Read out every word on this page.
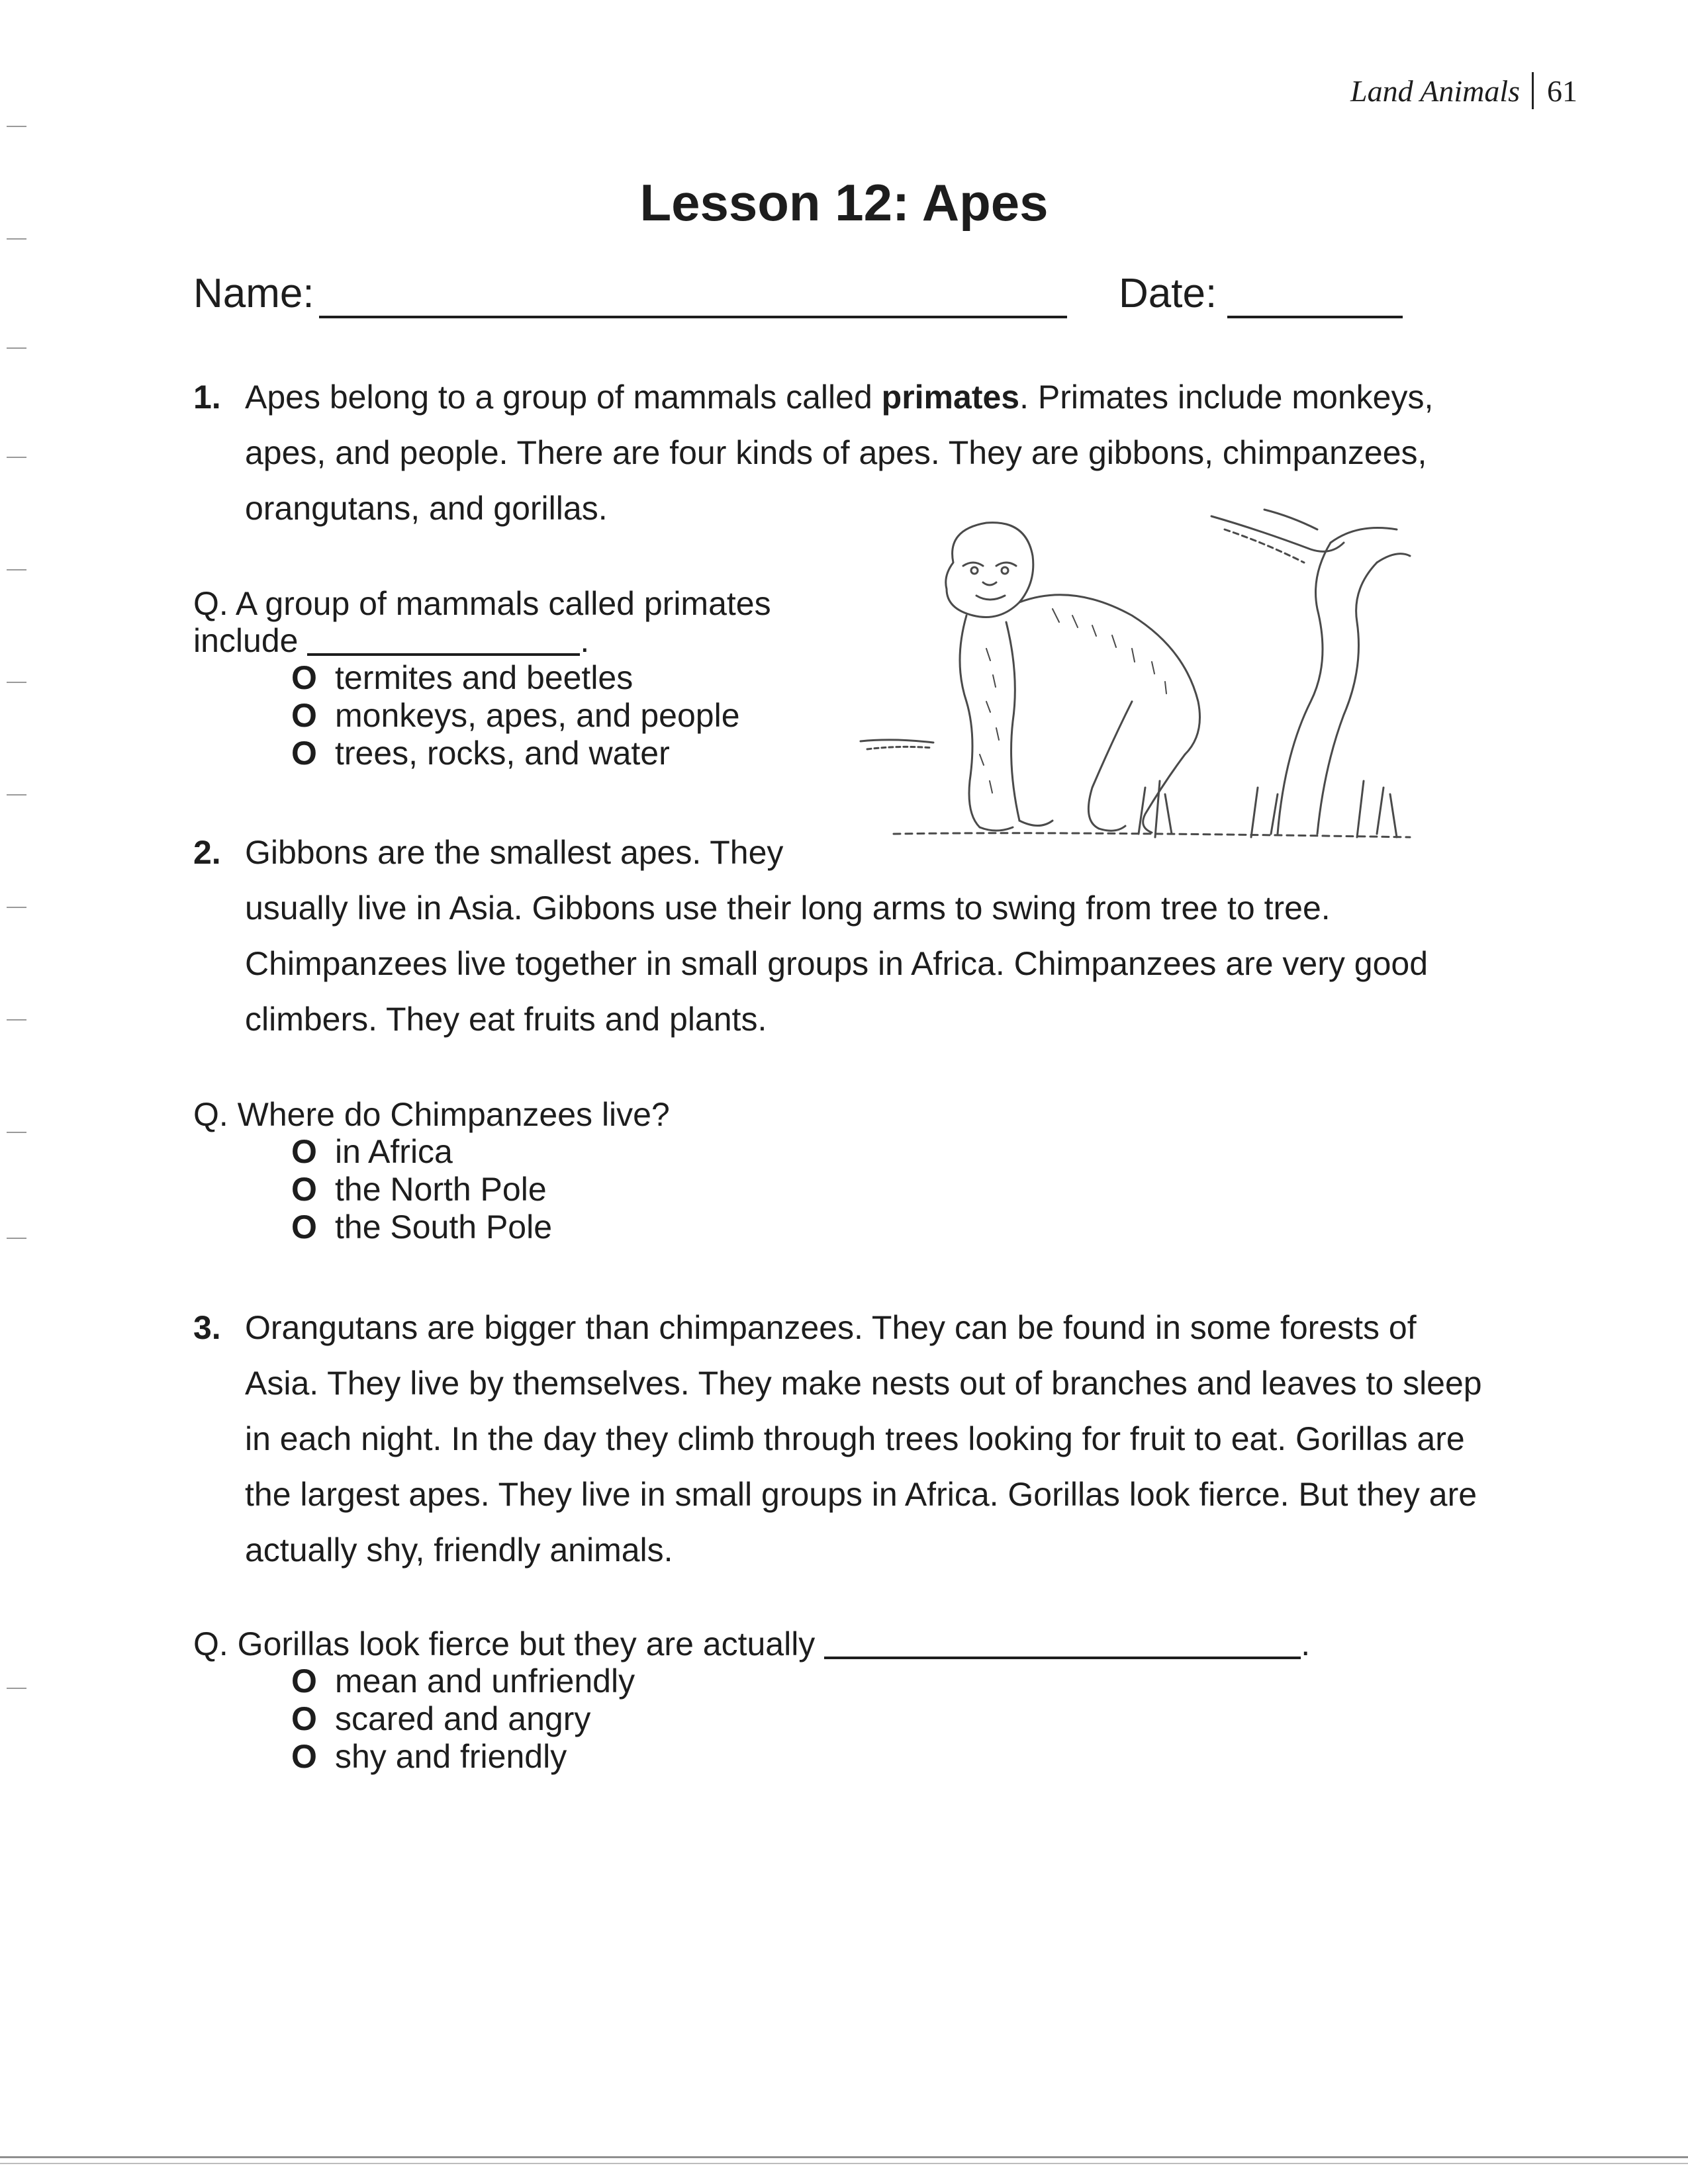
Land Animals 61
Lesson 12: Apes
Name:	Date:
1. Apes belong to a group of mammals called primates. Primates include monkeys,
apes, and people. There are four kinds of apes. They are gibbons, chimpanzees,
orangutans, and gorillas.
Q. A group of mammals called primates
include	.
O termites and beetles
O monkeys, apes, and people
O trees, rocks, and water
2. Gibbons are the smallest apes. They
usually live in Asia. Gibbons use their long arms to swing from tree to tree.
Chimpanzees live together in small groups in Africa. Chimpanzees are very good
climbers. They eat fruits and plants.
Q. Where do Chimpanzees live?
O in Africa
O the North Pole
O the South Pole
3. Orangutans are bigger than chimpanzees. They can be found in some forests of
Asia. They live by themselves. They make nests out of branches and leaves to sleep
in each night. In the day they climb through trees looking for fruit to eat. Gorillas are
the largest apes. They live in small groups in Africa. Gorillas look fierce. But they are
actually shy, friendly animals.
Q. Gorillas look fierce but they are actually	.
O mean and unfriendly
O scared and angry
O shy and friendly
